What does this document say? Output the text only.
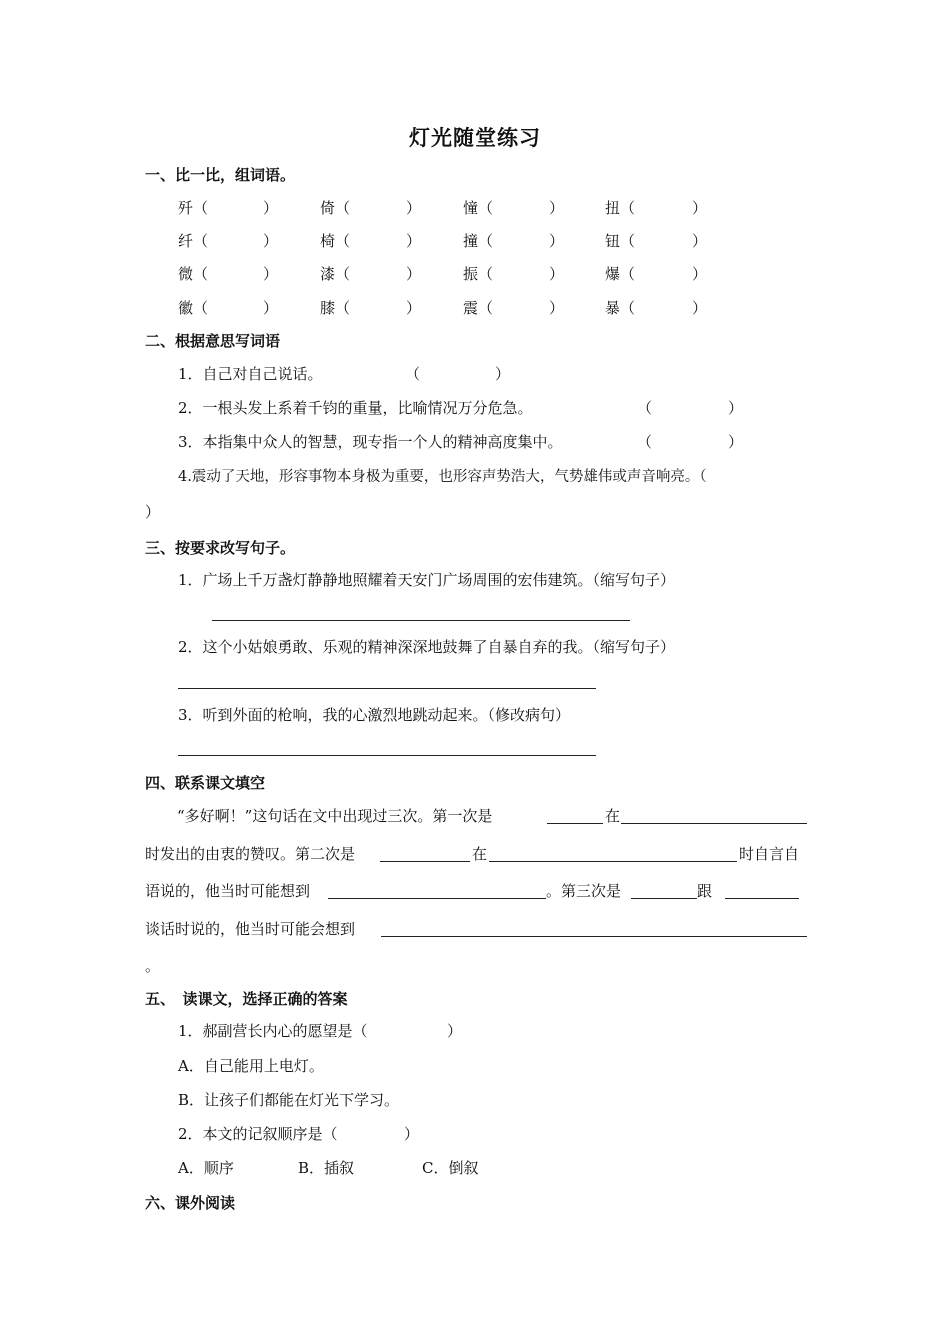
灯光随堂练习
一、比一比，组词语。
歼（	）	倚（	）	憧（	）	扭（	）
纤（	）	椅（	）	撞（	）	钮（	）
微（	）	漆（	）	振（	）	爆（	）
徽（	）	膝（	）	震（	）	暴（	）
二、根据意思写词语
1．自己对自己说话。	（	）
2．一根头发上系着千钧的重量，比喻情况万分危急。	（	）
3．本指集中众人的智慧，现专指一个人的精神高度集中。	（	）
4.震动了天地，形容事物本身极为重要，也形容声势浩大，气势雄伟或声音响亮。（
）
三、按要求改写句子。
1．广场上千万盏灯静静地照耀着天安门广场周围的宏伟建筑。（缩写句子）
2．这个小姑娘勇敢、乐观的精神深深地鼓舞了自暴自弃的我。（缩写句子）
3．听到外面的枪响，我的心激烈地跳动起来。（修改病句）
四、联系课文填空
“多好啊！”这句话在文中出现过三次。第一次是	在
时发出的由衷的赞叹。第二次是	在	时自言自
语说的，他当时可能想到	。第三次是	跟
谈话时说的，他当时可能会想到
。
五、　读课文，选择正确的答案
1．郝副营长内心的愿望是（	）
A．自己能用上电灯。
B．让孩子们都能在灯光下学习。
2．本文的记叙顺序是（	）
A．顺序	B．插叙	C．倒叙
六、课外阅读
